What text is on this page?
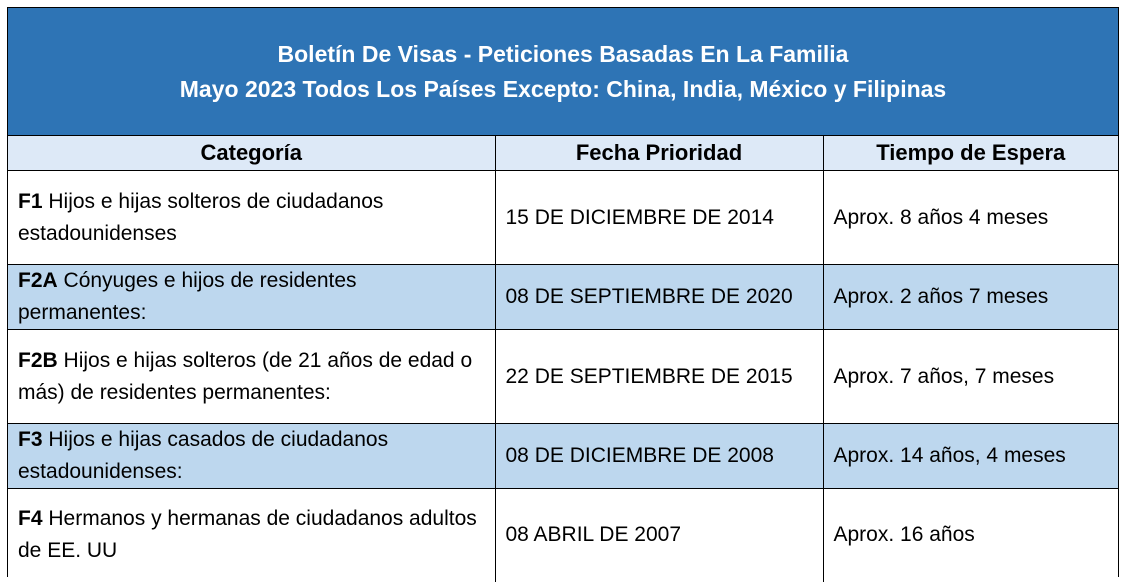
Boletín De Visas - Peticiones Basadas En La Familia
Mayo 2023 Todos Los Países Excepto: China, India, México y Filipinas
Categoría	Fecha Prioridad	Tiempo de Espera
F1 Hijos e hijas solteros de ciudadanos estadounidenses	15 DE DICIEMBRE DE 2014	Aprox. 8 años 4 meses
F2A Cónyuges e hijos de residentes permanentes:	08 DE SEPTIEMBRE DE 2020	Aprox. 2 años 7 meses
F2B Hijos e hijas solteros (de 21 años de edad o más) de residentes permanentes:	22 DE SEPTIEMBRE DE 2015	Aprox. 7 años, 7 meses
F3 Hijos e hijas casados de ciudadanos estadounidenses:	08 DE DICIEMBRE DE 2008	Aprox. 14 años, 4 meses
F4 Hermanos y hermanas de ciudadanos adultos de EE. UU	08 ABRIL DE 2007	Aprox. 16 años
